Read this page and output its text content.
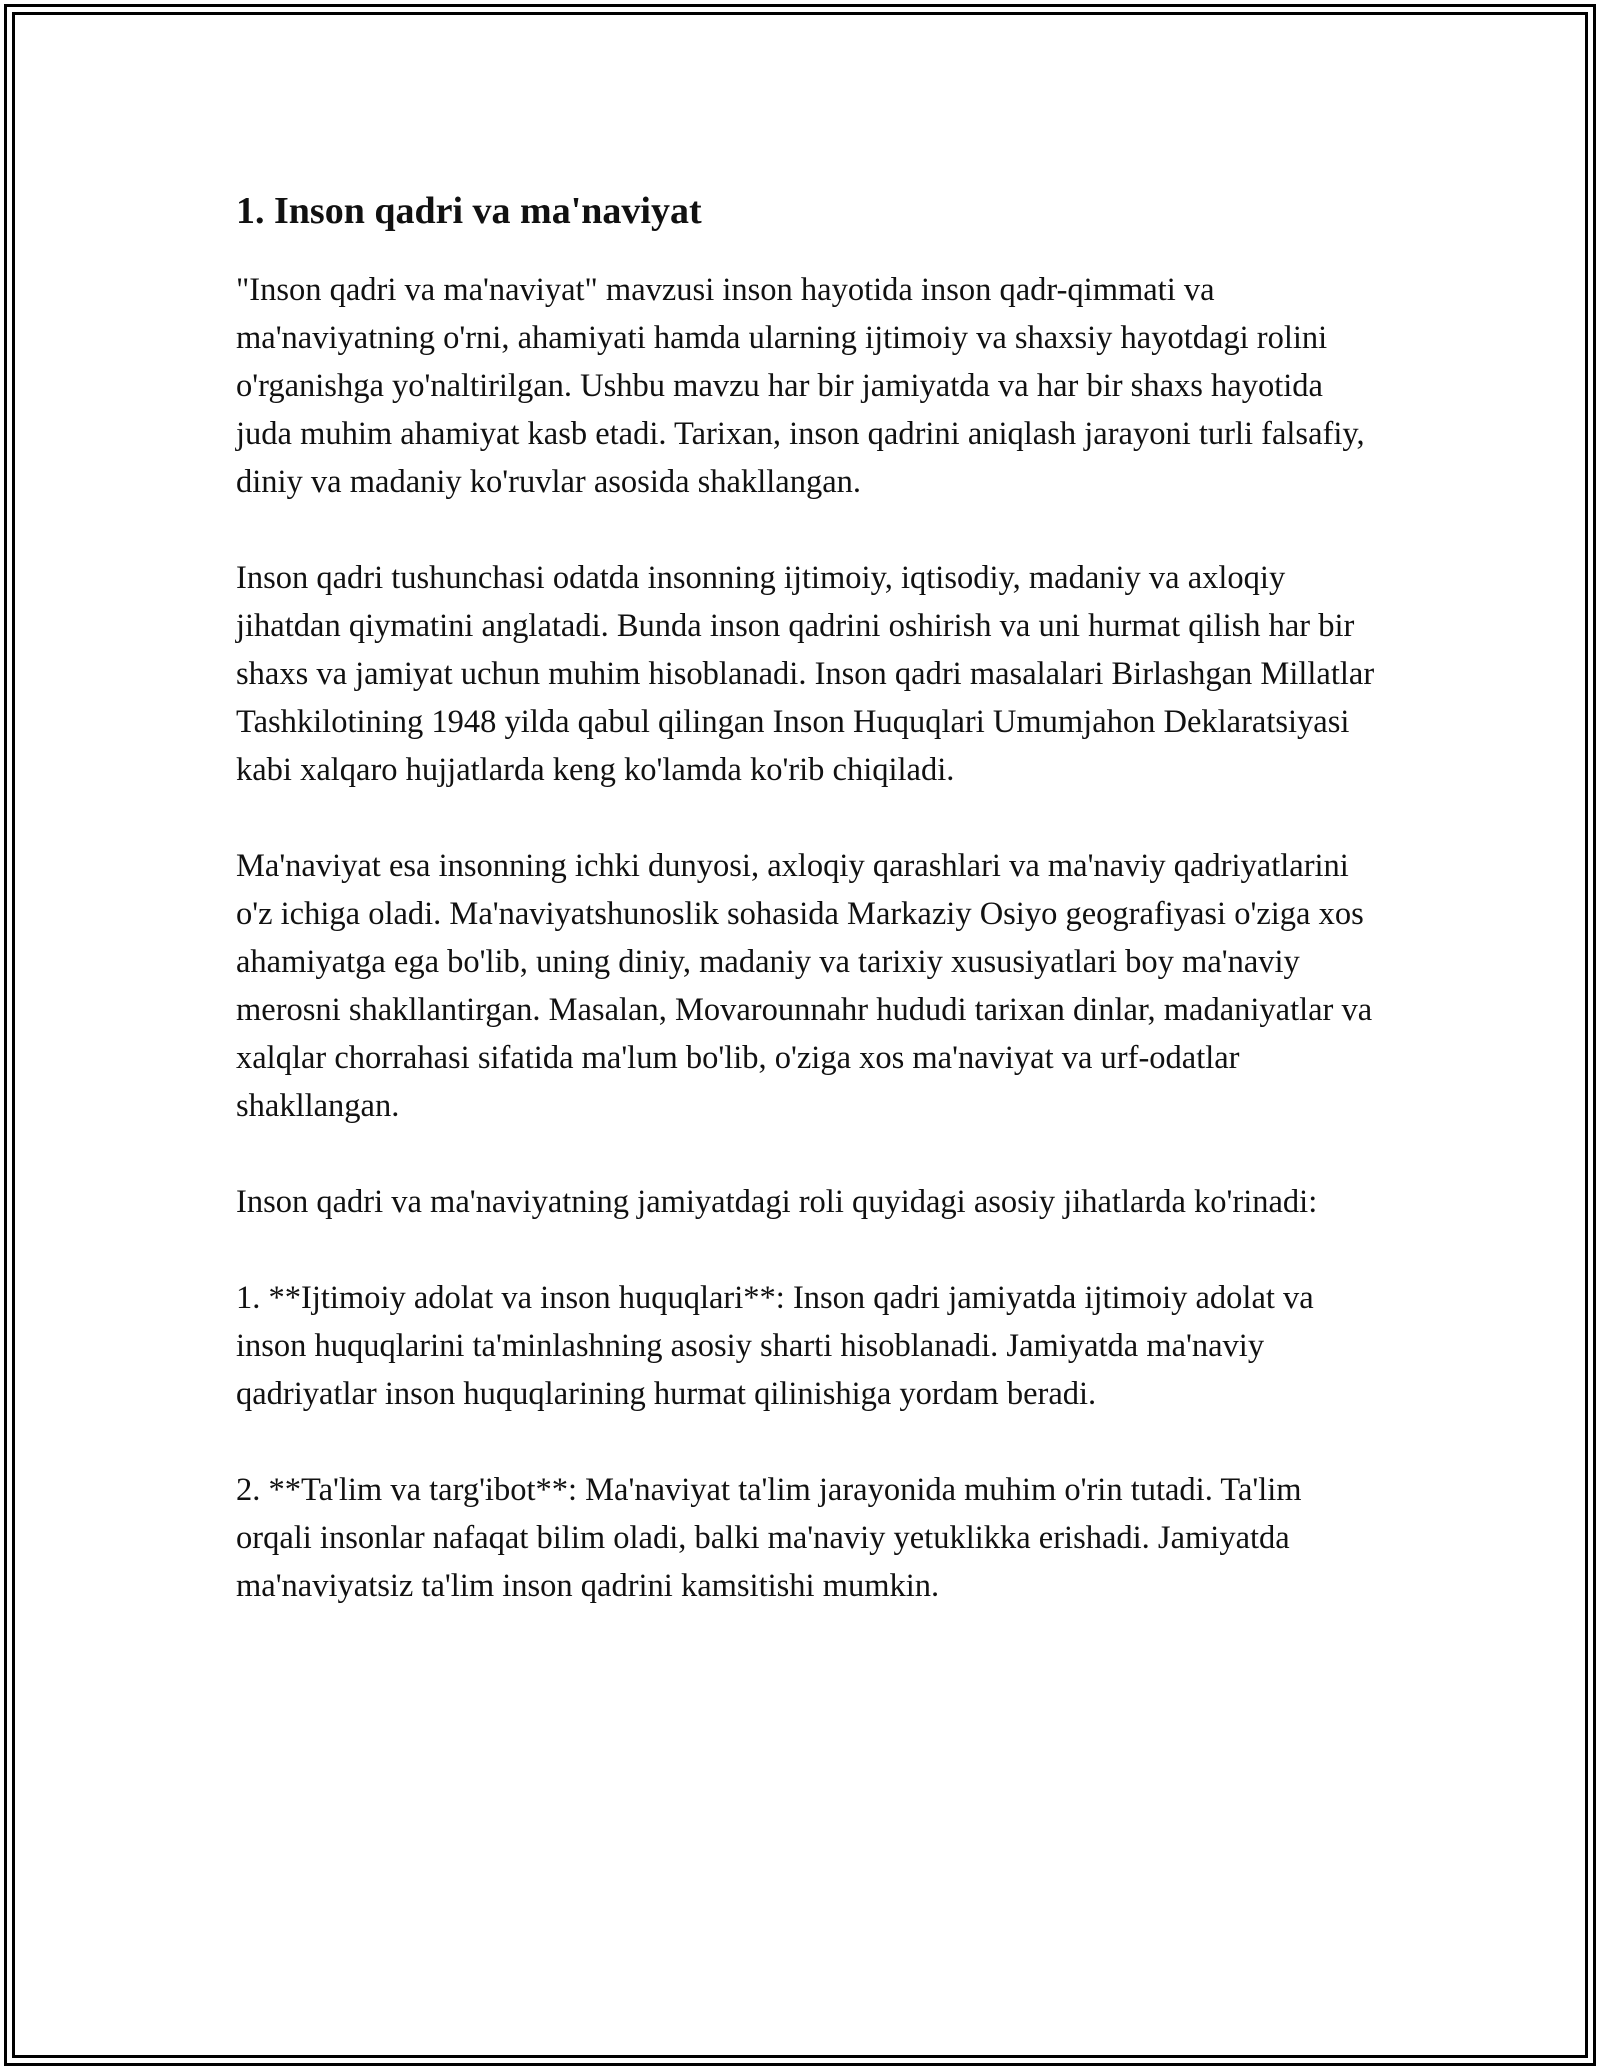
1. Inson qadri va ma'naviyat

"Inson qadri va ma'naviyat" mavzusi inson hayotida inson qadr-qimmati va ma'naviyatning o'rni, ahamiyati hamda ularning ijtimoiy va shaxsiy hayotdagi rolini o'rganishga yo'naltirilgan. Ushbu mavzu har bir jamiyatda va har bir shaxs hayotida juda muhim ahamiyat kasb etadi. Tarixan, inson qadrini aniqlash jarayoni turli falsafiy, diniy va madaniy ko'ruvlar asosida shakllangan.

Inson qadri tushunchasi odatda insonning ijtimoiy, iqtisodiy, madaniy va axloqiy jihatdan qiymatini anglatadi. Bunda inson qadrini oshirish va uni hurmat qilish har bir shaxs va jamiyat uchun muhim hisoblanadi. Inson qadri masalalari Birlashgan Millatlar Tashkilotining 1948 yilda qabul qilingan Inson Huquqlari Umumjahon Deklaratsiyasi kabi xalqaro hujjatlarda keng ko'lamda ko'rib chiqiladi.

Ma'naviyat esa insonning ichki dunyosi, axloqiy qarashlari va ma'naviy qadriyatlarini o'z ichiga oladi. Ma'naviyatshunoslik sohasida Markaziy Osiyo geografiyasi o'ziga xos ahamiyatga ega bo'lib, uning diniy, madaniy va tarixiy xususiyatlari boy ma'naviy merosni shakllantirgan. Masalan, Movarounnahr hududi tarixan dinlar, madaniyatlar va xalqlar chorrahasi sifatida ma'lum bo'lib, o'ziga xos ma'naviyat va urf-odatlar shakllangan.

Inson qadri va ma'naviyatning jamiyatdagi roli quyidagi asosiy jihatlarda ko'rinadi:

1. **Ijtimoiy adolat va inson huquqlari**: Inson qadri jamiyatda ijtimoiy adolat va inson huquqlarini ta'minlashning asosiy sharti hisoblanadi. Jamiyatda ma'naviy qadriyatlar inson huquqlarining hurmat qilinishiga yordam beradi.

2. **Ta'lim va targ'ibot**: Ma'naviyat ta'lim jarayonida muhim o'rin tutadi. Ta'lim orqali insonlar nafaqat bilim oladi, balki ma'naviy yetuklikka erishadi. Jamiyatda ma'naviyatsiz ta'lim inson qadrini kamsitishi mumkin.
